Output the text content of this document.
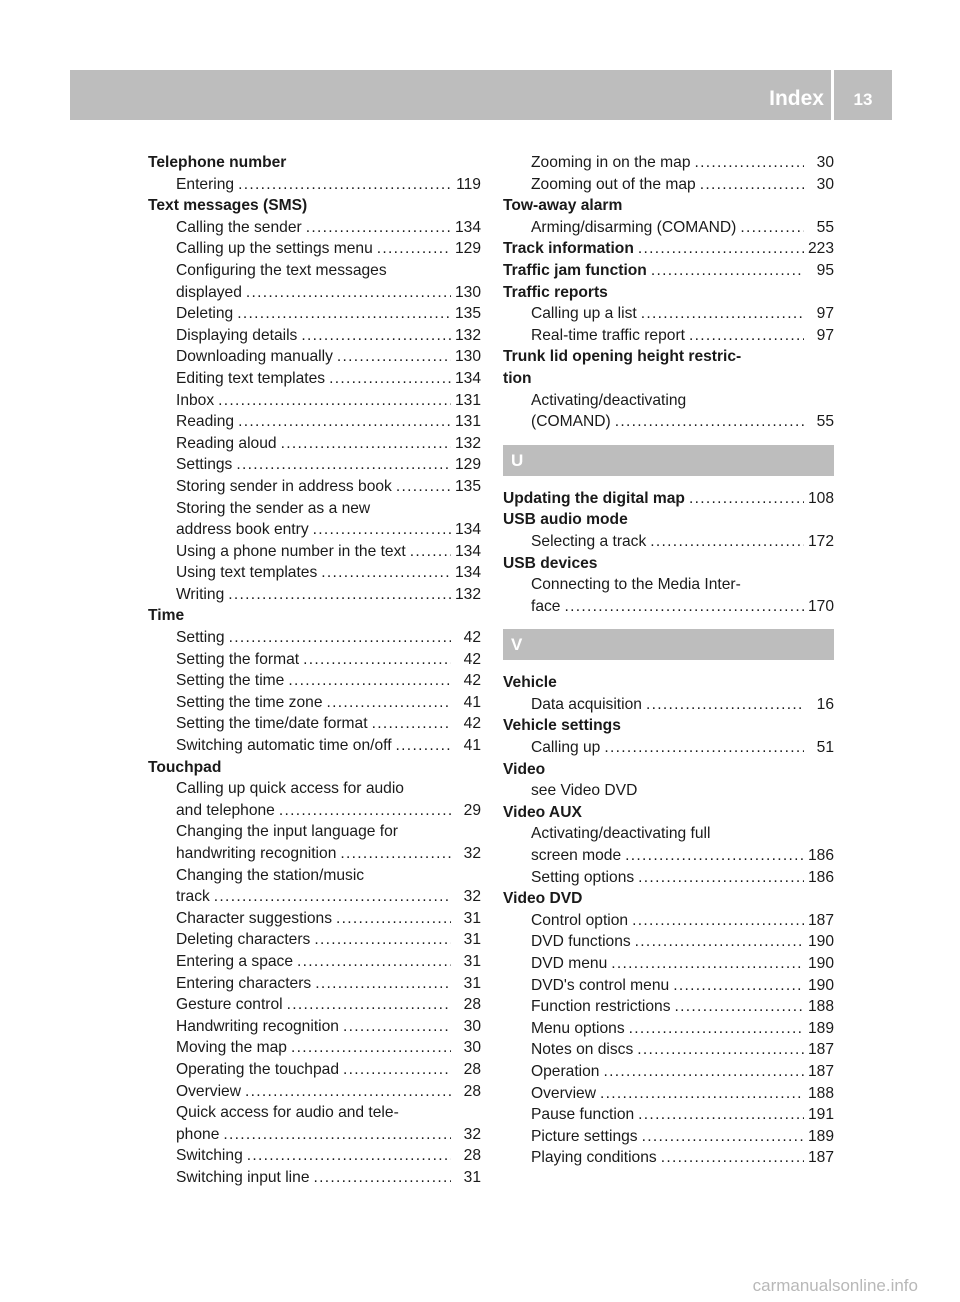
Index	13
Telephone number
Entering .....	119
Text messages (SMS)
Calling the sender .....	134
Calling up the settings menu .....	129
Configuring the text messages
displayed .....	130
Deleting .....	135
Displaying details .....	132
Downloading manually .....	130
Editing text templates .....	134
Inbox .....	131
Reading .....	131
Reading aloud .....	132
Settings .....	129
Storing sender in address book .....	135
Storing the sender as a new
address book entry .....	134
Using a phone number in the text .....	134
Using text templates .....	134
Writing .....	132
Time
Setting .....	42
Setting the format .....	42
Setting the time .....	42
Setting the time zone .....	41
Setting the time/date format .....	42
Switching automatic time on/off .....	41
Touchpad
Calling up quick access for audio
and telephone .....	29
Changing the input language for
handwriting recognition .....	32
Changing the station/music
track .....	32
Character suggestions .....	31
Deleting characters .....	31
Entering a space .....	31
Entering characters .....	31
Gesture control .....	28
Handwriting recognition .....	30
Moving the map .....	30
Operating the touchpad .....	28
Overview .....	28
Quick access for audio and tele-
phone .....	32
Switching .....	28
Switching input line .....	31
Zooming in on the map .....	30
Zooming out of the map .....	30
Tow-away alarm
Arming/disarming (COMAND) .....	55
Track information .....	223
Traffic jam function .....	95
Traffic reports
Calling up a list .....	97
Real-time traffic report .....	97
Trunk lid opening height restric-
tion
Activating/deactivating
(COMAND) .....	55
U
Updating the digital map .....	108
USB audio mode
Selecting a track .....	172
USB devices
Connecting to the Media Inter-
face .....	170
V
Vehicle
Data acquisition .....	16
Vehicle settings
Calling up .....	51
Video
see Video DVD
Video AUX
Activating/deactivating full
screen mode .....	186
Setting options .....	186
Video DVD
Control option .....	187
DVD functions .....	190
DVD menu .....	190
DVD's control menu .....	190
Function restrictions .....	188
Menu options .....	189
Notes on discs .....	187
Operation .....	187
Overview .....	188
Pause function .....	191
Picture settings .....	189
Playing conditions .....	187
carmanualsonline.info
